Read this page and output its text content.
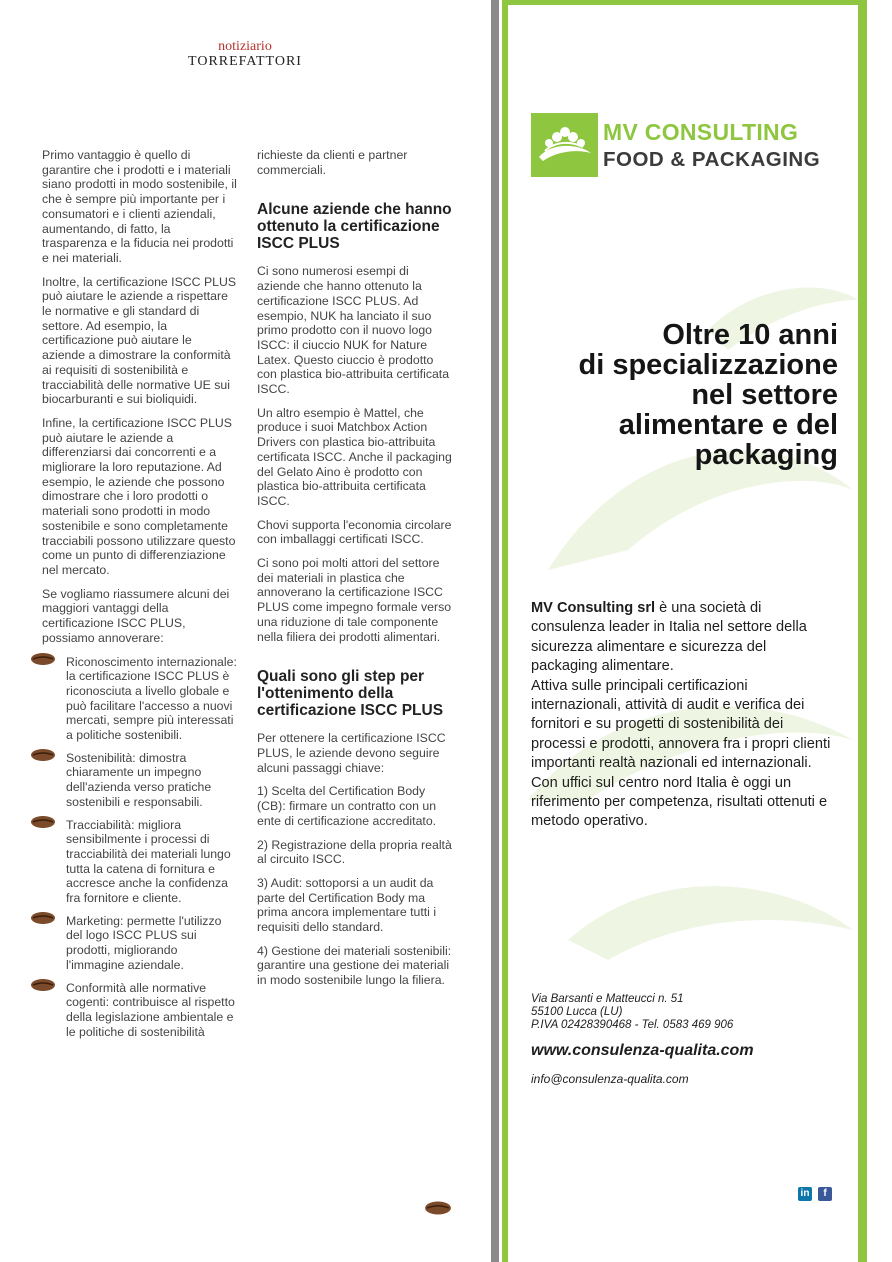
notiziario
TORREFATTORI

Primo vantaggio è quello di garantire che i prodotti e i materiali siano prodotti in modo sostenibile, il che è sempre più importante per i consumatori e i clienti aziendali, aumentando, di fatto, la trasparenza e la fiducia nei prodotti e nei materiali.

Inoltre, la certificazione ISCC PLUS può aiutare le aziende a rispettare le normative e gli standard di settore. Ad esempio, la certificazione può aiutare le aziende a dimostrare la conformità ai requisiti di sostenibilità e tracciabilità delle normative UE sui biocarburanti e sui bioliquidi.

Infine, la certificazione ISCC PLUS può aiutare le aziende a differenziarsi dai concorrenti e a migliorare la loro reputazione. Ad esempio, le aziende che possono dimostrare che i loro prodotti o materiali sono prodotti in modo sostenibile e sono completamente tracciabili possono utilizzare questo come un punto di differenziazione nel mercato.

Se vogliamo riassumere alcuni dei maggiori vantaggi della certificazione ISCC PLUS, possiamo annoverare:

Riconoscimento internazionale: la certificazione ISCC PLUS è riconosciuta a livello globale e può facilitare l'accesso a nuovi mercati, sempre più interessati a politiche sostenibili.
Sostenibilità: dimostra chiaramente un impegno dell'azienda verso pratiche sostenibili e responsabili.
Tracciabilità: migliora sensibilmente i processi di tracciabilità dei materiali lungo tutta la catena di fornitura e accresce anche la confidenza fra fornitore e cliente.
Marketing: permette l'utilizzo del logo ISCC PLUS sui prodotti, migliorando l'immagine aziendale.
Conformità alle normative cogenti: contribuisce al rispetto della legislazione ambientale e le politiche di sostenibilità

richieste da clienti e partner commerciali.

Alcune aziende che hanno ottenuto la certificazione ISCC PLUS

Ci sono numerosi esempi di aziende che hanno ottenuto la certificazione ISCC PLUS. Ad esempio, NUK ha lanciato il suo primo prodotto con il nuovo logo ISCC: il ciuccio NUK for Nature Latex. Questo ciuccio è prodotto con plastica bio-attribuita certificata ISCC.

Un altro esempio è Mattel, che produce i suoi Matchbox Action Drivers con plastica bio-attribuita certificata ISCC. Anche il packaging del Gelato Aino è prodotto con plastica bio-attribuita certificata ISCC.

Chovi supporta l'economia circolare con imballaggi certificati ISCC.

Ci sono poi molti attori del settore dei materiali in plastica che annoverano la certificazione ISCC PLUS come impegno formale verso una riduzione di tale componente nella filiera dei prodotti alimentari.

Quali sono gli step per l'ottenimento della certificazione ISCC PLUS

Per ottenere la certificazione ISCC PLUS, le aziende devono seguire alcuni passaggi chiave:

1) Scelta del Certification Body (CB): firmare un contratto con un ente di certificazione accreditato.

2) Registrazione della propria realtà al circuito ISCC.

3) Audit: sottoporsi a un audit da parte del Certification Body ma prima ancora implementare tutti i requisiti dello standard.

4) Gestione dei materiali sostenibili: garantire una gestione dei materiali in modo sostenibile lungo la filiera.

MV CONSULTING
FOOD & PACKAGING
Oltre 10 anni
di specializzazione
nel settore
alimentare e del
packaging
MV Consulting srl è una società di consulenza leader in Italia nel settore della sicurezza alimentare e sicurezza del packaging alimentare.
Attiva sulle principali certificazioni internazionali, attività di audit e verifica dei fornitori e su progetti di sostenibilità dei processi e prodotti, annovera fra i propri clienti importanti realtà nazionali ed internazionali.
Con uffici sul centro nord Italia è oggi un riferimento per competenza, risultati ottenuti e metodo operativo.
Via Barsanti e Matteucci n. 51
55100 Lucca (LU)
P.IVA 02428390468 - Tel. 0583 469 906
www.consulenza-qualita.com
info@consulenza-qualita.com
in	f
